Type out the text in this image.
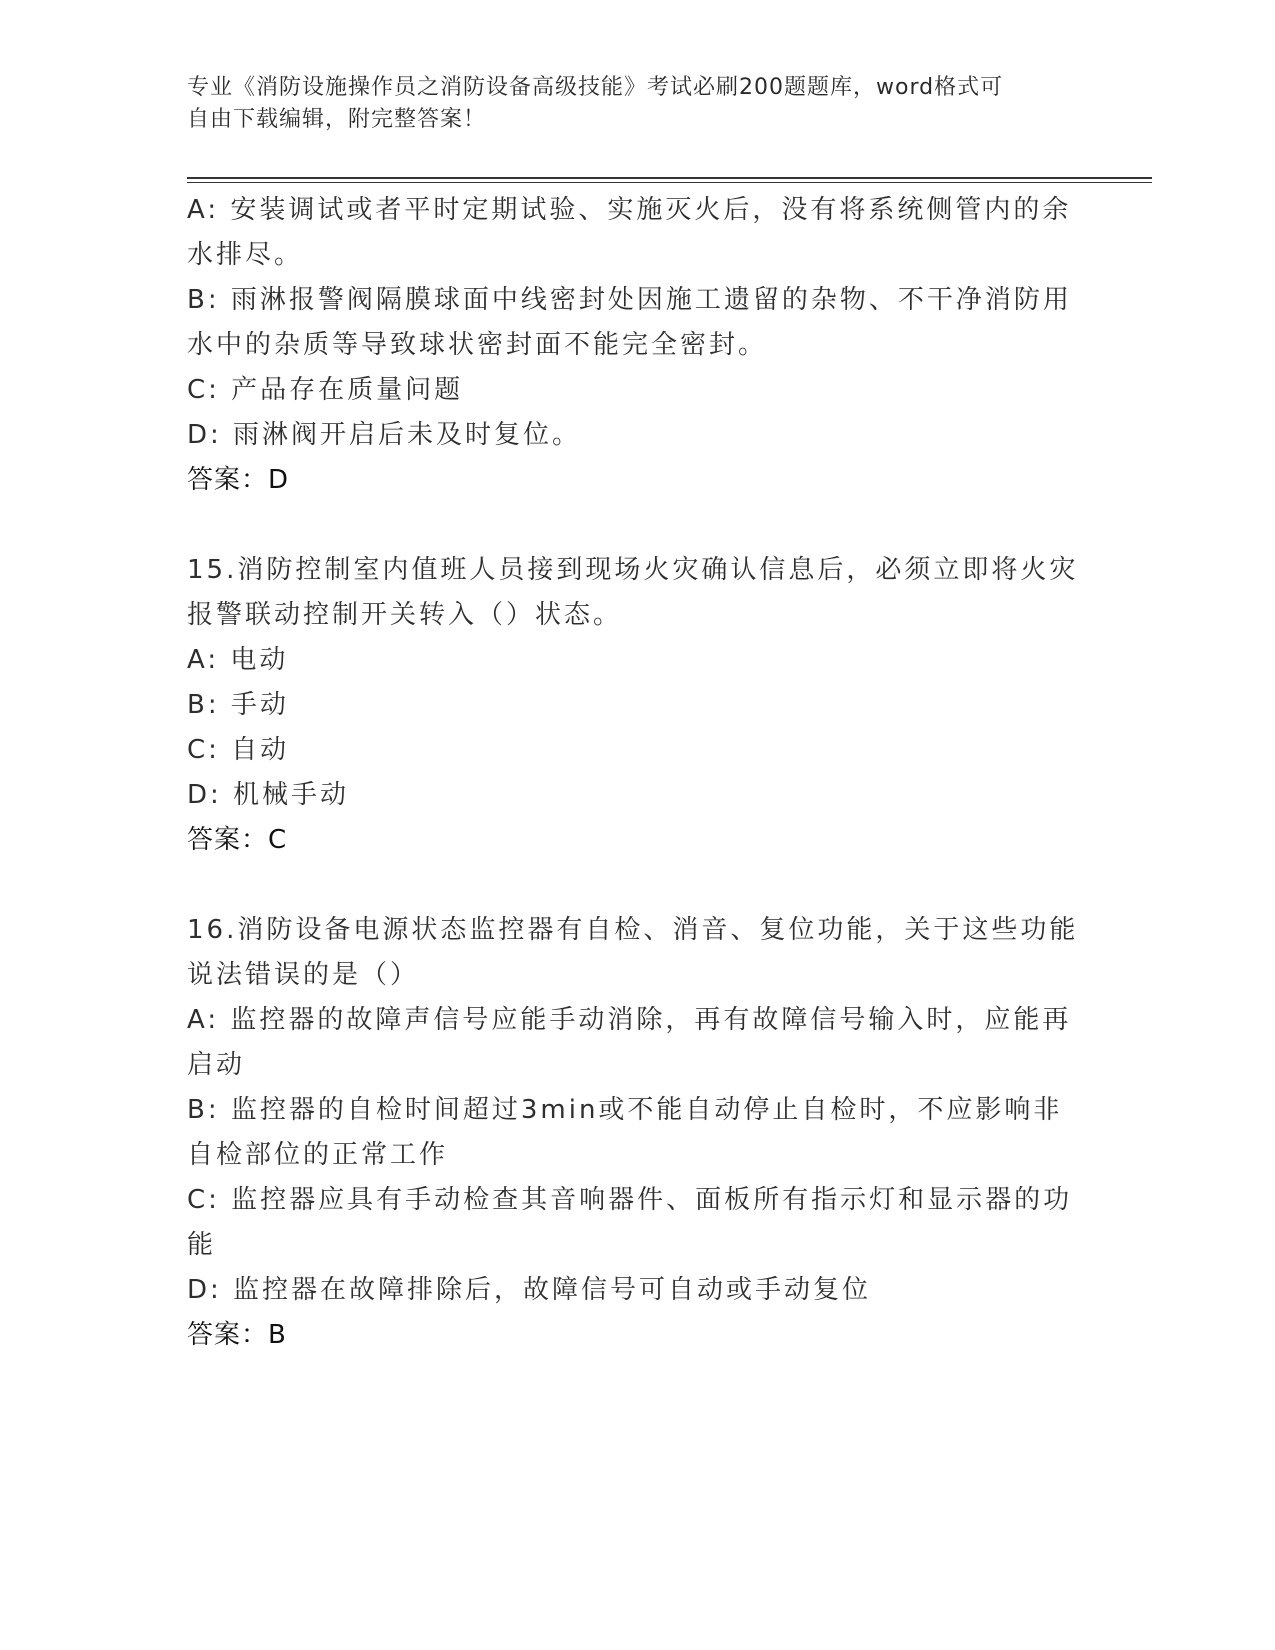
专业《消防设施操作员之消防设备高级技能》考试必刷200题题库，word格式可
自由下载编辑，附完整答案！

A: 安装调试或者平时定期试验、实施灭火后，没有将系统侧管内的余

水排尽。

B: 雨淋报警阀隔膜球面中线密封处因施工遗留的杂物、不干净消防用

水中的杂质等导致球状密封面不能完全密封。

C: 产品存在质量问题

D: 雨淋阀开启后未及时复位。

答案：D

15.消防控制室内值班人员接到现场火灾确认信息后，必须立即将火灾

报警联动控制开关转入（）状态。

A: 电动

B: 手动

C: 自动

D: 机械手动

答案：C

16.消防设备电源状态监控器有自检、消音、复位功能，关于这些功能

说法错误的是（）

A: 监控器的故障声信号应能手动消除，再有故障信号输入时，应能再

启动

B: 监控器的自检时间超过3min或不能自动停止自检时，不应影响非

自检部位的正常工作

C: 监控器应具有手动检查其音响器件、面板所有指示灯和显示器的功

能

D: 监控器在故障排除后，故障信号可自动或手动复位

答案：B
